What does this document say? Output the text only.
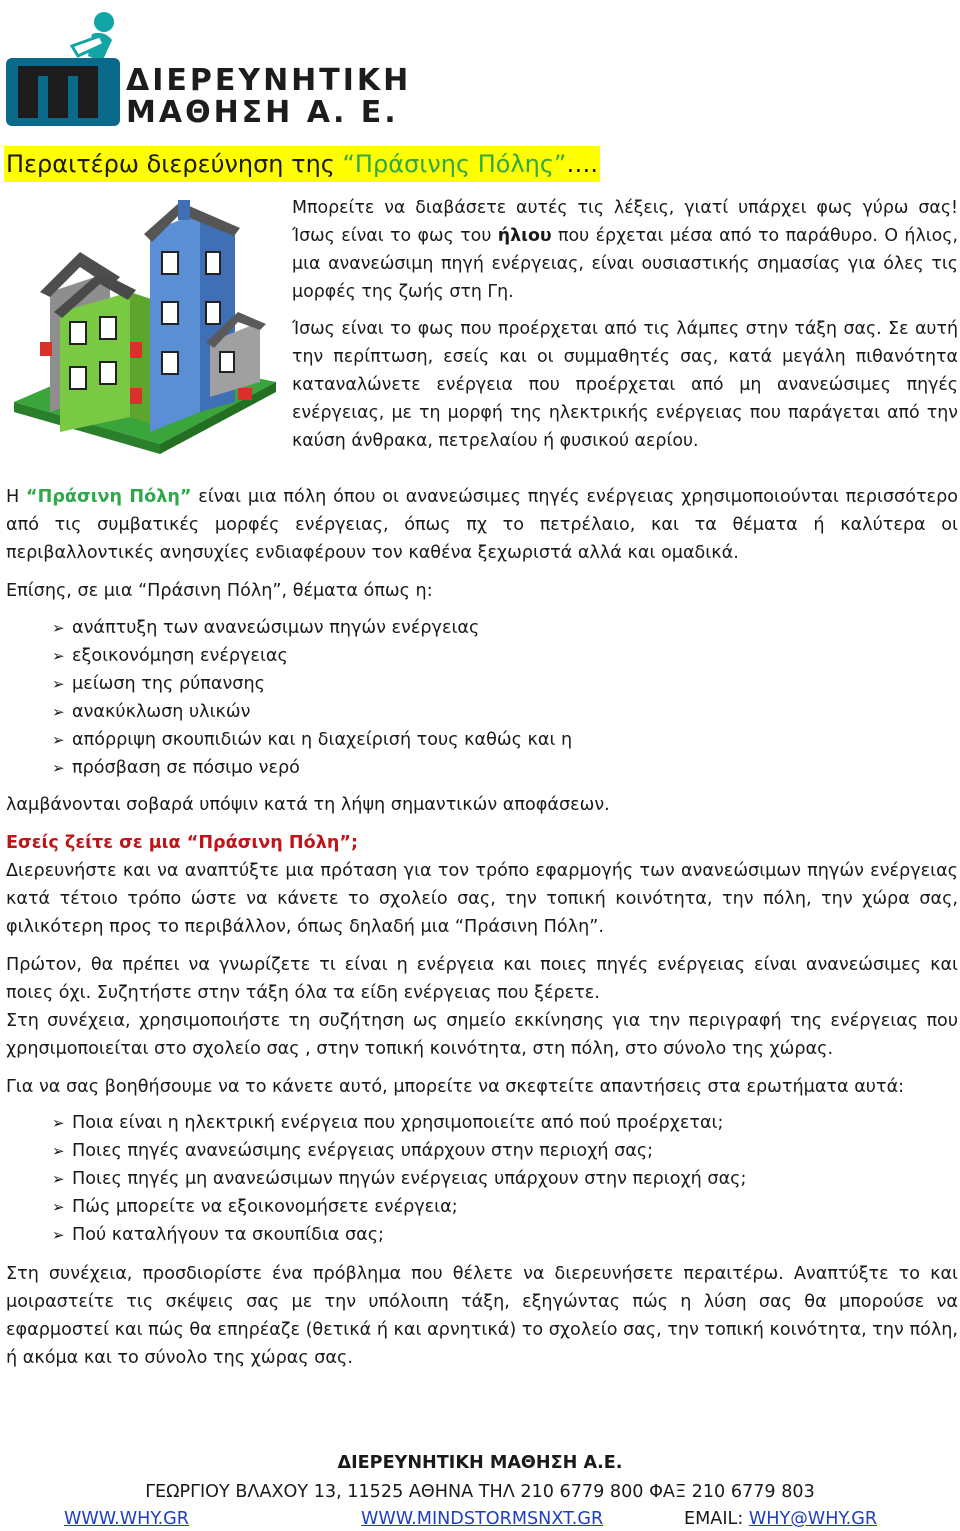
ΔΙΕΡΕΥΝΗΤΙΚΗ
ΜΑΘΗΣΗ Α. Ε.
Περαιτέρω διερεύνηση της “Πράσινης Πόλης”….
Μπορείτε να διαβάσετε αυτές τις λέξεις, γιατί υπάρχει φως γύρω σας! Ίσως είναι το φως του ήλιου που έρχεται μέσα από το παράθυρο. Ο ήλιος, μια ανανεώσιμη πηγή ενέργειας, είναι ουσιαστικής σημασίας για όλες τις μορφές της ζωής στη Γη.
Ίσως είναι το φως που προέρχεται από τις λάμπες στην τάξη σας. Σε αυτή την περίπτωση, εσείς και οι συμμαθητές σας, κατά μεγάλη πιθανότητα καταναλώνετε ενέργεια που προέρχεται από μη ανανεώσιμες πηγές ενέργειας, με τη μορφή της ηλεκτρικής ενέργειας που παράγεται από την καύση άνθρακα, πετρελαίου ή φυσικού αερίου.
Η “Πράσινη Πόλη” είναι μια πόλη όπου οι ανανεώσιμες πηγές ενέργειας χρησιμοποιούνται περισσότερο από τις συμβατικές μορφές ενέργειας, όπως πχ το πετρέλαιο, και τα θέματα ή καλύτερα οι περιβαλλοντικές ανησυχίες ενδιαφέρουν τον καθένα ξεχωριστά αλλά και ομαδικά.
Επίσης, σε μια “Πράσινη Πόλη”, θέματα όπως η:
➢ ανάπτυξη των ανανεώσιμων πηγών ενέργειας
➢ εξοικονόμηση ενέργειας
➢ μείωση της ρύπανσης
➢ ανακύκλωση υλικών
➢ απόρριψη σκουπιδιών και η διαχείρισή τους καθώς και η
➢ πρόσβαση σε πόσιμο νερό
λαμβάνονται σοβαρά υπόψιν κατά τη λήψη σημαντικών αποφάσεων.
Εσείς ζείτε σε μια “Πράσινη Πόλη”;
Διερευνήστε και να αναπτύξτε μια πρόταση για τον τρόπο εφαρμογής των ανανεώσιμων πηγών ενέργειας κατά τέτοιο τρόπο ώστε να κάνετε το σχολείο σας, την τοπική κοινότητα, την πόλη, την χώρα σας, φιλικότερη προς το περιβάλλον, όπως δηλαδή μια “Πράσινη Πόλη”.
Πρώτον, θα πρέπει να γνωρίζετε τι είναι η ενέργεια και ποιες πηγές ενέργειας είναι ανανεώσιμες και ποιες όχι. Συζητήστε στην τάξη όλα τα είδη ενέργειας που ξέρετε.
Στη συνέχεια, χρησιμοποιήστε τη συζήτηση ως σημείο εκκίνησης για την περιγραφή της ενέργειας που χρησιμοποιείται στο σχολείο σας , στην τοπική κοινότητα, στη πόλη, στο σύνολο της χώρας.
Για να σας βοηθήσουμε να το κάνετε αυτό, μπορείτε να σκεφτείτε απαντήσεις στα ερωτήματα αυτά:
➢ Ποια είναι η ηλεκτρική ενέργεια που χρησιμοποιείτε από πού προέρχεται;
➢ Ποιες πηγές ανανεώσιμης ενέργειας υπάρχουν στην περιοχή σας;
➢ Ποιες πηγές μη ανανεώσιμων πηγών ενέργειας υπάρχουν στην περιοχή σας;
➢ Πώς μπορείτε να εξοικονομήσετε ενέργεια;
➢ Πού καταλήγουν τα σκουπίδια σας;
Στη συνέχεια, προσδιορίστε ένα πρόβλημα που θέλετε να διερευνήσετε περαιτέρω. Αναπτύξτε το και μοιραστείτε τις σκέψεις σας με την υπόλοιπη τάξη, εξηγώντας πώς η λύση σας θα μπορούσε να εφαρμοστεί και πώς θα επηρέαζε (θετικά ή και αρνητικά) το σχολείο σας, την τοπική κοινότητα, την πόλη, ή ακόμα και το σύνολο της χώρας σας.
ΔΙΕΡΕΥΝΗΤΙΚΗ ΜΑΘΗΣΗ Α.Ε.
ΓΕΩΡΓΙΟΥ ΒΛΑΧΟΥ 13, 11525 ΑΘΗΝΑ ΤΗΛ 210 6779 800 ΦΑΞ 210 6779 803
WWW.WHY.GR	WWW.MINDSTORMSNXT.GR	EMAIL: WHY@WHY.GR
